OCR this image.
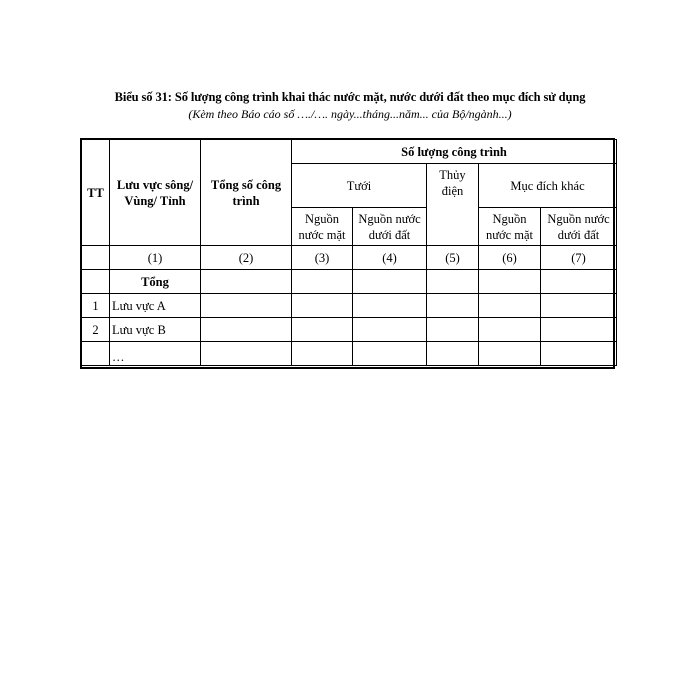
Biểu số 31: Số lượng công trình khai thác nước mặt, nước dưới đất theo mục đích sử dụng
(Kèm theo Báo cáo số …./…. ngày...tháng...năm... của Bộ/ngành...)
TT	Lưu vực sông/ Vùng/ Tỉnh	Tổng số công trình	Số lượng công trình				
			Tưới		Thủy điện	Mục đích khác	
			Nguồn nước mặt	Nguồn nước dưới đất		Nguồn nước mặt	Nguồn nước dưới đất
	(1)	(2)	(3)	(4)	(5)	(6)	(7)
	Tổng						
1	Lưu vực A						
2	Lưu vực B						
	…						
